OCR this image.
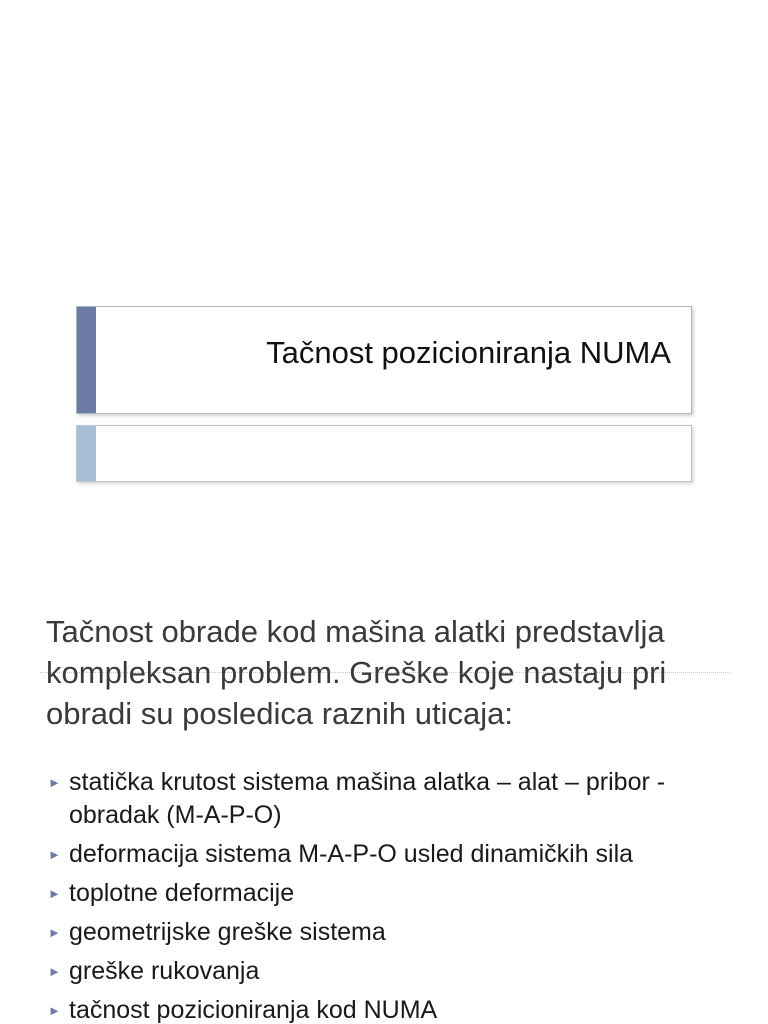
Tačnost pozicioniranja NUMA
Tačnost obrade kod mašina alatki predstavlja kompleksan problem. Greške koje nastaju pri obradi su posledica raznih uticaja:
► statička krutost sistema mašina alatka – alat – pribor - obradak (M-A-P-O)
► deformacija sistema M-A-P-O usled dinamičkih sila
► toplotne deformacije
► geometrijske greške sistema
► greške rukovanja
► tačnost pozicioniranja kod NUMA
